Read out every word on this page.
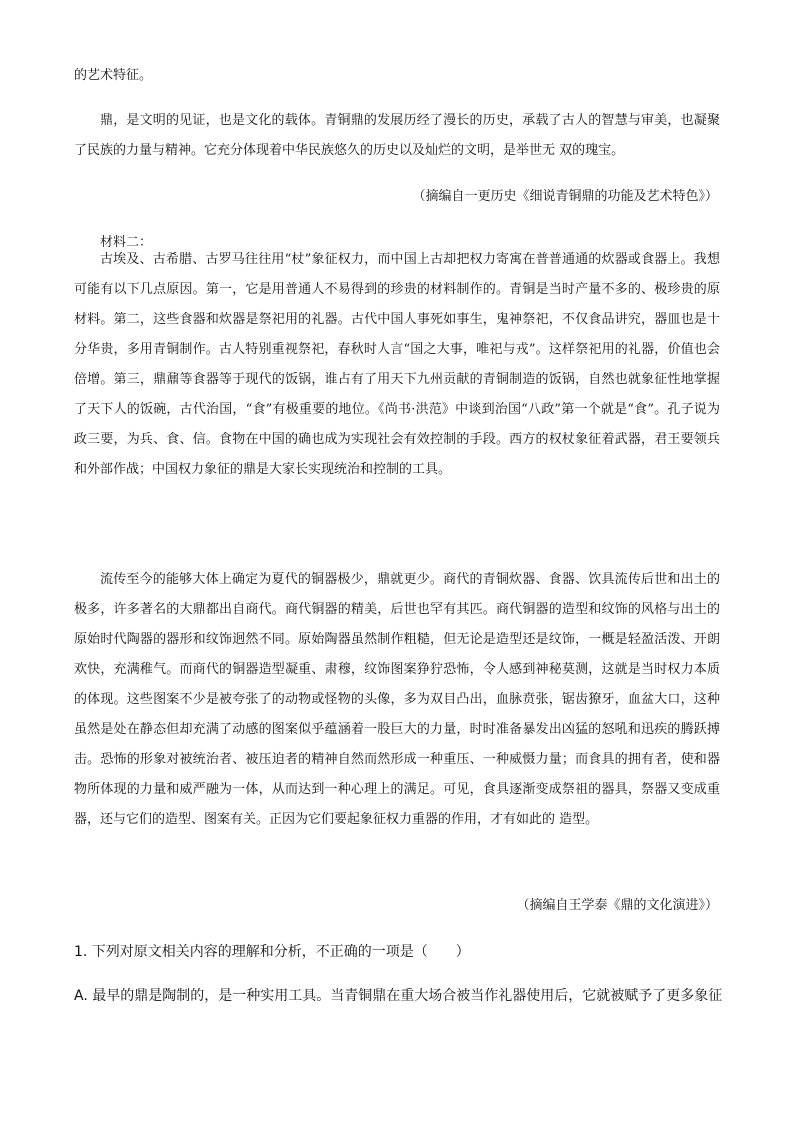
的艺术特征。
鼎，是文明的见证，也是文化的载体。青铜鼎的发展历经了漫长的历史，承载了古人的智慧与审美，也凝聚了民族的力量与精神。它充分体现着中华民族悠久的历史以及灿烂的文明，是举世无 双的瑰宝。
（摘编自一更历史《细说青铜鼎的功能及艺术特色》）
材料二：
古埃及、古希腊、古罗马往往用“杖”象征权力，而中国上古却把权力寄寓在普普通通的炊器或食器上。我想可能有以下几点原因。第一，它是用普通人不易得到的珍贵的材料制作的。青铜是当时产量不多的、极珍贵的原材料。第二，这些食器和炊器是祭祀用的礼器。古代中国人事死如事生，鬼神祭祀，不仅食品讲究，器皿也是十分华贵，多用青铜制作。古人特别重视祭祀，春秋时人言“国之大事，唯祀与戎”。这样祭祀用的礼器，价值也会倍增。第三，鼎鼐等食器等于现代的饭锅，谁占有了用天下九州贡献的青铜制造的饭锅，自然也就象征性地掌握了天下人的饭碗，古代治国，“食”有极重要的地位。《尚书·洪范》中谈到治国“八政”第一个就是“食”。孔子说为政三要，为兵、食、信。食物在中国的确也成为实现社会有效控制的手段。西方的权杖象征着武器，君王要领兵和外部作战；中国权力象征的鼎是大家长实现统治和控制的工具。
流传至今的能够大体上确定为夏代的铜器极少，鼎就更少。商代的青铜炊器、食器、饮具流传后世和出土的极多，许多著名的大鼎都出自商代。商代铜器的精美，后世也罕有其匹。商代铜器的造型和纹饰的风格与出土的原始时代陶器的器形和纹饰迥然不同。原始陶器虽然制作粗糙，但无论是造型还是纹饰，一概是轻盈活泼、开朗欢快，充满稚气。而商代的铜器造型凝重、肃穆，纹饰图案狰狞恐怖，令人感到神秘莫测，这就是当时权力本质的体现。这些图案不少是被夸张了的动物或怪物的头像，多为双目凸出，血脉贲张，锯齿獠牙，血盆大口，这种虽然是处在静态但却充满了动感的图案似乎蕴涵着一股巨大的力量，时时准备暴发出凶猛的怒吼和迅疾的腾跃搏击。恐怖的形象对被统治者、被压迫者的精神自然而然形成一种重压、一种威慑力量；而食具的拥有者，使和器物所体现的力量和威严融为一体，从而达到一种心理上的满足。可见，食具逐渐变成祭祖的器具，祭器又变成重器，还与它们的造型、图案有关。正因为它们要起象征权力重器的作用，才有如此的 造型。
（摘编自王学泰《鼎的文化演进》）
1. 下列对原文相关内容的理解和分析，不正确的一项是（　　）
A. 最早的鼎是陶制的，是一种实用工具。当青铜鼎在重大场合被当作礼器使用后，它就被赋予了更多象征
